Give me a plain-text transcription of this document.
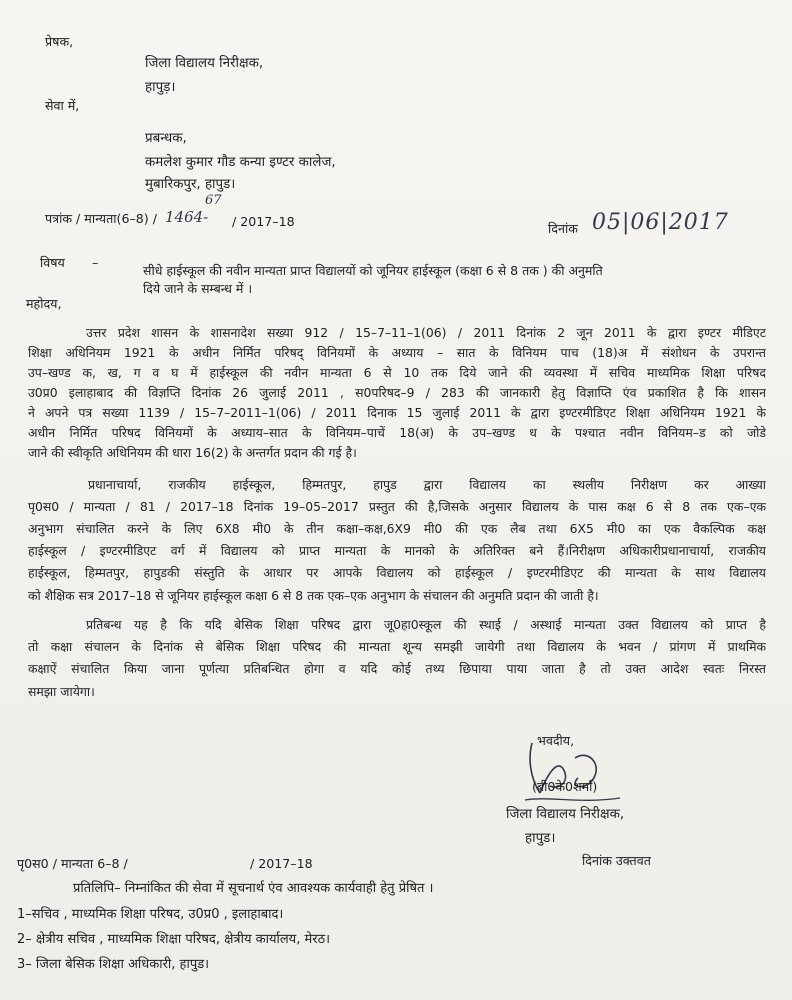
प्रेषक,
जिला विद्यालय निरीक्षक,
हापुड़।
सेवा में,
प्रबन्धक,
कमलेश कुमार गौड कन्या इण्टर कालेज,
मुबारिकपुर, हापुड।
पत्रांक / मान्यता(6–8) / 1464-
67
/ 2017–18	दिनांक 05|06|2017
विषय –
सीधे हाईस्कूल की नवीन मान्यता प्राप्त विद्यालयों को जूनियर हाईस्कूल (कक्षा 6 से 8 तक ) की अनुमति
दिये जाने के सम्बन्ध में ।
महोदय,
उत्तर प्रदेश शासन के शासनादेश सख्या 912 / 15–7–11–1(06) / 2011 दिनांक 2 जून 2011 के द्वारा इण्टर मीडिएट
शिक्षा अधिनियम 1921 के अधीन निर्मित परिषद् विनियमों के अध्याय – सात के विनियम पाच (18)अ में संशोधन के उपरान्त
उप–खण्ड क, ख, ग व घ में हाईस्कूल की नवीन मान्यता 6 से 10 तक दिये जाने की व्यवस्था में सचिव माध्यमिक शिक्षा परिषद
उ0प्र0 इलाहाबाद की विज्ञप्ति दिनांक 26 जुलाई 2011 , स0परिषद–9 / 283 की जानकारी हेतु विज्ञाप्ति एंव प्रकाशित है कि शासन
ने अपने पत्र सख्या 1139 / 15–7–2011–1(06) / 2011 दिनाक 15 जुलाई 2011 के द्वारा इण्टरमीडिएट शिक्षा अधिनियम 1921 के
अधीन निर्मित परिषद विनियमों के अध्याय–सात के विनियम–पाचें 18(अ) के उप–खण्ड ध के पश्चात नवीन विनियम–ड को जोडे
जाने की स्वीकृति अधिनियम की धारा 16(2) के अन्तर्गत प्रदान की गई है।
प्रधानाचार्या, राजकीय हाईस्कूल, हिम्मतपुर, हापुड द्वारा विद्यालय का स्थलीय निरीक्षण कर आख्या
पृ0स0 / मान्यता / 81 / 2017–18 दिनांक 19–05–2017 प्रस्तुत की है,जिसके अनुसार विद्यालय के पास कक्ष 6 से 8 तक एक–एक
अनुभाग संचालित करने के लिए 6X8 मी0 के तीन कक्षा–कक्ष,6X9 मी0 की एक लैब तथा 6X5 मी0 का एक वैकल्पिक कक्ष
हाईस्कूल / इण्टरमीडिएट वर्ग में विद्यालय को प्राप्त मान्यता के मानको के अतिरिक्त बने हैं।निरीक्षण अधिकारीप्रधानाचार्या, राजकीय
हाईस्कूल, हिम्मतपुर, हापुडकी संस्तुति के आधार पर आपके विद्यालय को हाईस्कूल / इण्टरमीडिएट की मान्यता के साथ विद्यालय
को शैक्षिक सत्र 2017–18 से जूनियर हाईस्कूल कक्षा 6 से 8 तक एक–एक अनुभाग के संचालन की अनुमति प्रदान की जाती है।
प्रतिबन्ध यह है कि यदि बेसिक शिक्षा परिषद द्वारा जू0हा0स्कूल की स्थाई / अस्थाई मान्यता उक्त विद्यालय को प्राप्त है
तो कक्षा संचालन के दिनांक से बेसिक शिक्षा परिषद की मान्यता शून्य समझी जायेगी तथा विद्यालय के भवन / प्रांगण में प्राथमिक
कक्षाऐं संचालित किया जाना पूर्णत्या प्रतिबन्धित होगा व यदि कोई तथ्य छिपाया पाया जाता है तो उक्त आदेश स्वतः निरस्त
समझा जायेगा।
भवदीय,
(बी0के0शर्मा)
जिला विद्यालय निरीक्षक,
हापुड।
पृ0स0 / मान्यता 6–8 /	/ 2017–18	दिनांक उक्तवत
प्रतिलिपि– निम्नांकित की सेवा में सूचनार्थ एंव आवश्यक कार्यवाही हेतु प्रेषित ।
1–सचिव , माध्यमिक शिक्षा परिषद, उ0प्र0 , इलाहाबाद।
2– क्षेत्रीय सचिव , माध्यमिक शिक्षा परिषद, क्षेत्रीय कार्यालय, मेरठ।
3– जिला बेसिक शिक्षा अधिकारी, हापुड।
